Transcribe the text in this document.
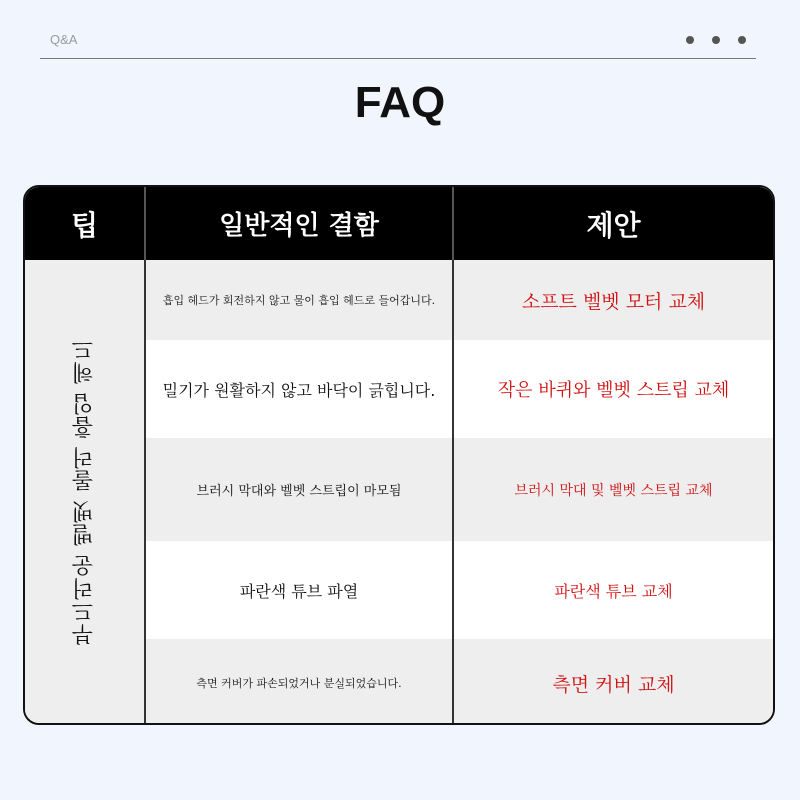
Q&A
FAQ
팁	일반적인 결함	제안
부드러운 벨벳 롤러 흡입 헤드
흡입 헤드가 회전하지 않고 물이 흡입 헤드로 들어갑니다.	소프트 벨벳 모터 교체
밀기가 원활하지 않고 바닥이 긁힙니다.	작은 바퀴와 벨벳 스트립 교체
브러시 막대와 벨벳 스트립이 마모됨	브러시 막대 및 벨벳 스트립 교체
파란색 튜브 파열	파란색 튜브 교체
측면 커버가 파손되었거나 분실되었습니다.	측면 커버 교체
